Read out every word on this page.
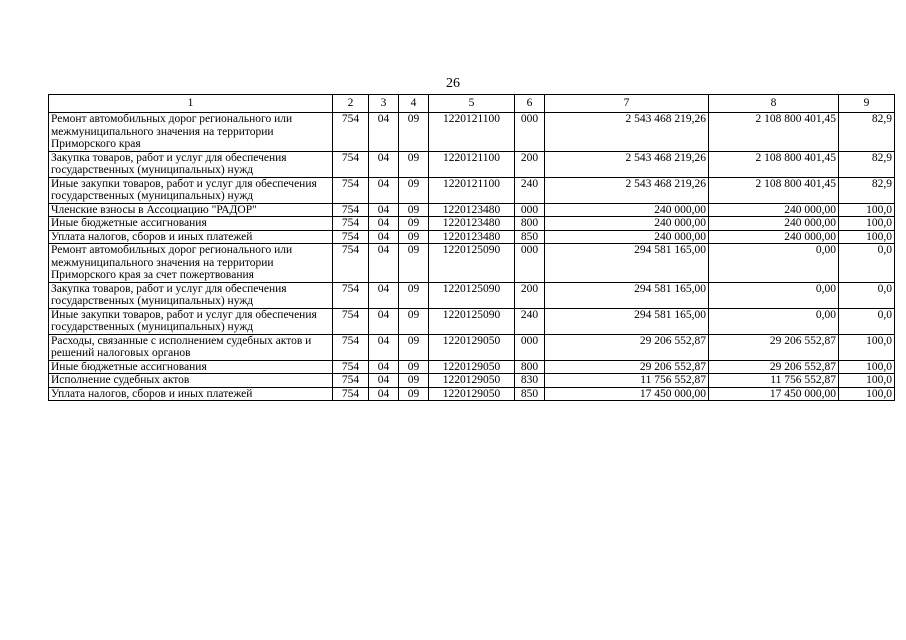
26
1	2	3	4	5	6	7	8	9
Ремонт автомобильных дорог регионального или межмуниципального значения на территории Приморского края	754	04	09	1220121100	000	2 543 468 219,26	2 108 800 401,45	82,9
Закупка товаров, работ и услуг для обеспечения государственных (муниципальных) нужд	754	04	09	1220121100	200	2 543 468 219,26	2 108 800 401,45	82,9
Иные закупки товаров, работ и услуг для обеспечения государственных (муниципальных) нужд	754	04	09	1220121100	240	2 543 468 219,26	2 108 800 401,45	82,9
Членские взносы в Ассоциацию "РАДОР"	754	04	09	1220123480	000	240 000,00	240 000,00	100,0
Иные бюджетные ассигнования	754	04	09	1220123480	800	240 000,00	240 000,00	100,0
Уплата налогов, сборов и иных платежей	754	04	09	1220123480	850	240 000,00	240 000,00	100,0
Ремонт автомобильных дорог регионального или межмуниципального значения на территории Приморского края за счет пожертвования	754	04	09	1220125090	000	294 581 165,00	0,00	0,0
Закупка товаров, работ и услуг для обеспечения государственных (муниципальных) нужд	754	04	09	1220125090	200	294 581 165,00	0,00	0,0
Иные закупки товаров, работ и услуг для обеспечения государственных (муниципальных) нужд	754	04	09	1220125090	240	294 581 165,00	0,00	0,0
Расходы, связанные с исполнением судебных актов и решений налоговых органов	754	04	09	1220129050	000	29 206 552,87	29 206 552,87	100,0
Иные бюджетные ассигнования	754	04	09	1220129050	800	29 206 552,87	29 206 552,87	100,0
Исполнение судебных актов	754	04	09	1220129050	830	11 756 552,87	11 756 552,87	100,0
Уплата налогов, сборов и иных платежей	754	04	09	1220129050	850	17 450 000,00	17 450 000,00	100,0
